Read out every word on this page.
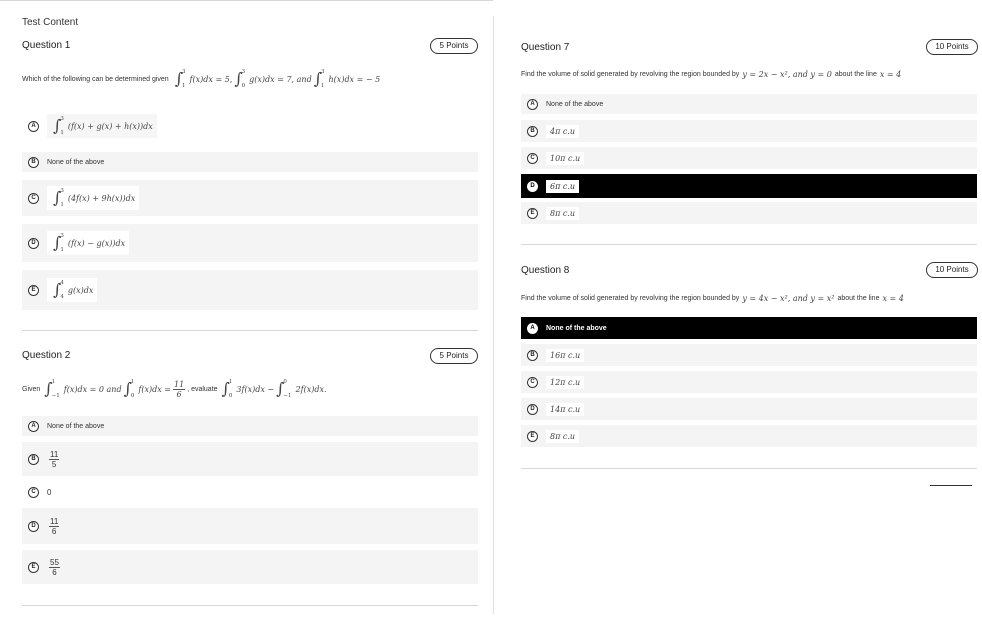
Test Content
Question 1	5 Points
Which of the following can be determined given ∫ 3
1
f(x)dx = 5, ∫ 3
0
g(x)dx = 7, and ∫ 3
1
h(x)dx = − 5
A ∫ 3
1
(f(x) + g(x) + h(x))dx
B	None of the above
C ∫ 3
1
(4f(x) + 9h(x))dx
D ∫ 3
1
(f(x) − g(x))dx
E ∫ 4
4
g(x)dx
Question 2	5 Points
Given ∫ 1
−1
f(x)dx = 0 and ∫ 1
0
$f(x)dx = \frac{11}{6}$ , evaluate ∫ 1
0
3f(x)dx − ∫ 0
−1
2f(x)dx.
A	None of the above
B	$\frac{11}{5}$
C	0
D	$\frac{11}{6}$
E	$\frac{55}{6}$
Question 7	10 Points
Find the volume of solid generated by revolving the region bounded by y = 2x − x², and y = 0 about the line x = 4
A	None of the above
B	4π c.u
C	10π c.u
D	6π c.u
E	8π c.u
Question 8	10 Points
Find the volume of solid generated by revolving the region bounded by y = 4x − x², and y = x² about the line x = 4
A	None of the above
B	16π c.u
C	12π c.u
D	14π c.u
E	8π c.u
